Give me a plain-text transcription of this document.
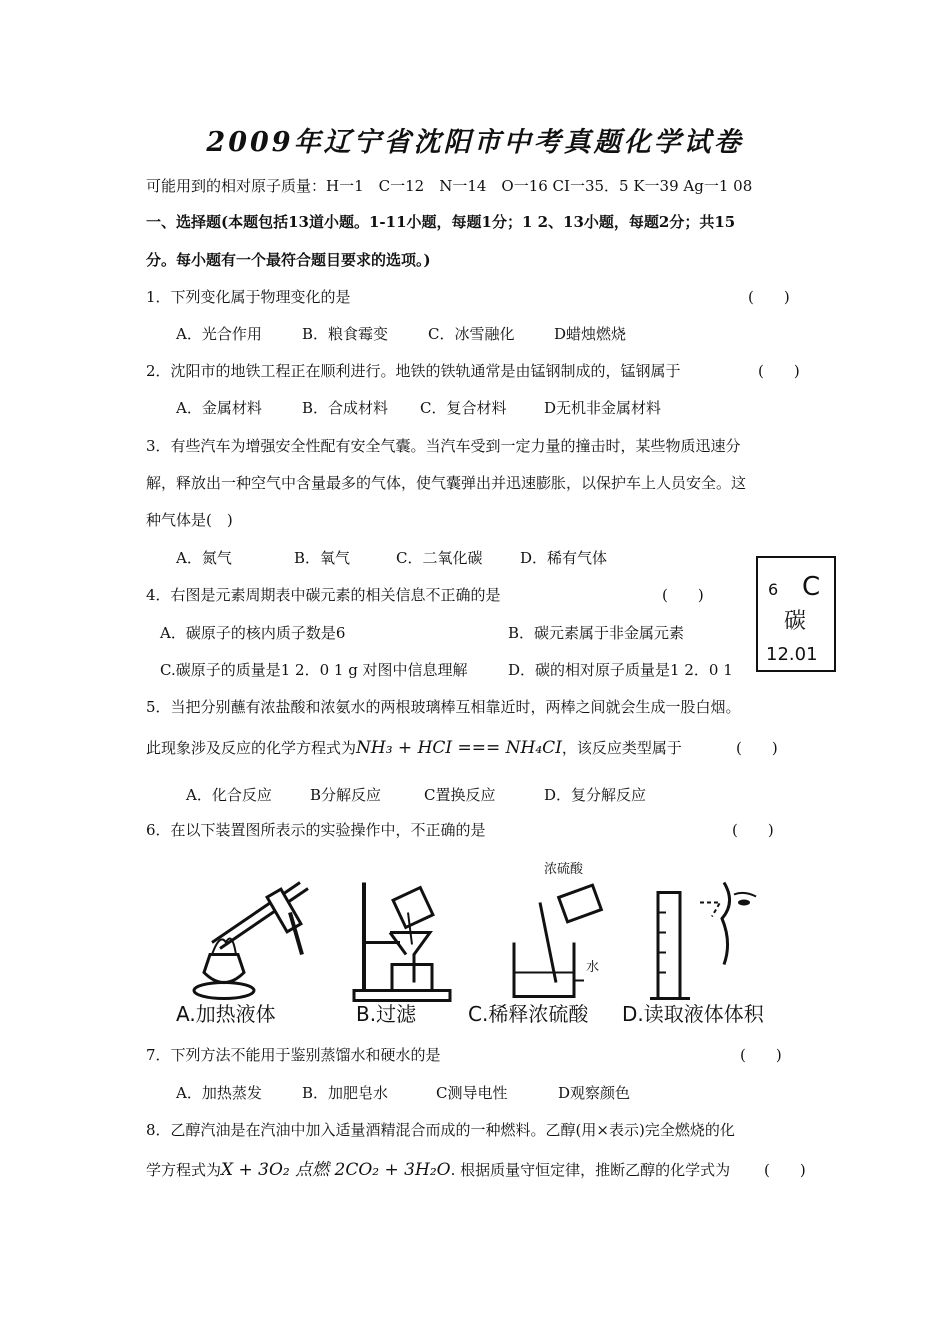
2009年辽宁省沈阳市中考真题化学试卷
可能用到的相对原子质量：H一1　C一12　N一14　O一16 CI一35．5 K一39 Ag一1 08
一、选择题(本题包括13道小题。1-11小题，每题1分；1 2、13小题，每题2分；共15
分。每小题有一个最符合题目要求的选项。)
1．下列变化属于物理变化的是	(　　)
A．光合作用	B．粮食霉变	C．冰雪融化	D蜡烛燃烧
2．沈阳市的地铁工程正在顺利进行。地铁的铁轨通常是由锰钢制成的，锰钢属于	(　　)
A．金属材料	B．合成材料 C．复合材料	D无机非金属材料
3．有些汽车为增强安全性配有安全气囊。当汽车受到一定力量的撞击时，某些物质迅速分
解，释放出一种空气中含量最多的气体，使气囊弹出并迅速膨胀，以保护车上人员安全。这
种气体是(　)
A．氮气	B．氧气	C．二氧化碳	D．稀有气体
4．右图是元素周期表中碳元素的相关信息不正确的是	(　　)
A．碳原子的核内质子数是6	B．碳元素属于非金属元素
C.碳原子的质量是1 2．0 1 g 对图中信息理解	D．碳的相对原子质量是1 2．0 1
6 C
碳
12.01
5．当把分别蘸有浓盐酸和浓氨水的两根玻璃棒互相靠近时，两棒之间就会生成一股白烟。
此现象涉及反应的化学方程式为NH₃ + HCI === NH₄CI，该反应类型属于	(　　)
A．化合反应	B分解反应	C置换反应	D．复分解反应
6．在以下装置图所表示的实验操作中，不正确的是	(　　)
浓硫酸
水
A.加热液体	B.过滤	C.稀释浓硫酸 D.读取液体体积
7．下列方法不能用于鉴别蒸馏水和硬水的是	(　　)
A．加热蒸发	B．加肥皂水	C测导电性	D观察颜色
8．乙醇汽油是在汽油中加入适量酒精混合而成的一种燃料。乙醇(用×表示)完全燃烧的化
学方程式为X + 3O₂ 点燃 2CO₂ + 3H₂O. 根据质量守恒定律，推断乙醇的化学式为 (　　)
